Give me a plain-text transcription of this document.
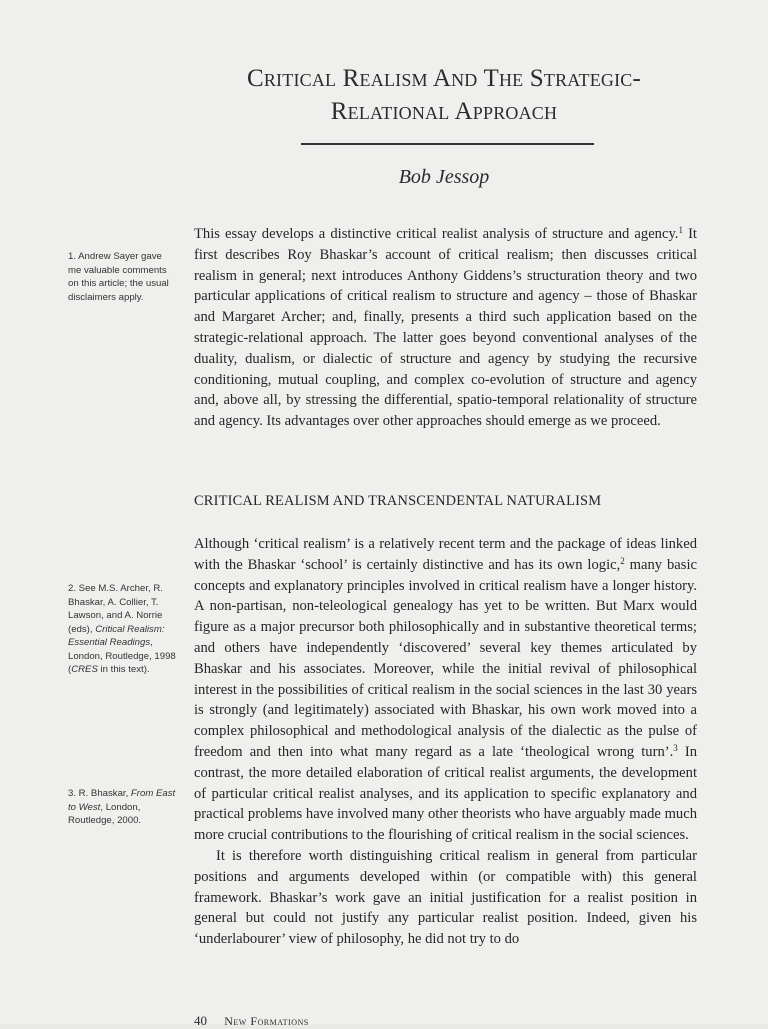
Critical Realism And The Strategic-
Relational Approach
Bob Jessop

This essay develops a distinctive critical realist analysis of structure and agency.$^1$ It first describes Roy Bhaskar’s account of critical realism; then discusses critical realism in general; next introduces Anthony Giddens’s structuration theory and two particular applications of critical realism to structure and agency – those of Bhaskar and Margaret Archer; and, finally, presents a third such application based on the strategic-relational approach. The latter goes beyond conventional analyses of the duality, dualism, or dialectic of structure and agency by studying the recursive conditioning, mutual coupling, and complex co-evolution of structure and agency and, above all, by stressing the differential, spatio-temporal relationality of structure and agency. Its advantages over other approaches should emerge as we proceed.

CRITICAL REALISM AND TRANSCENDENTAL NATURALISM

Although ‘critical realism’ is a relatively recent term and the package of ideas linked with the Bhaskar ‘school’ is certainly distinctive and has its own logic,$^2$ many basic concepts and explanatory principles involved in critical realism have a longer history. A non-partisan, non-teleological genealogy has yet to be written. But Marx would figure as a major precursor both philosophically and in substantive theoretical terms; and others have independently ‘discovered’ several key themes articulated by Bhaskar and his associates. Moreover, while the initial revival of philosophical interest in the possibilities of critical realism in the social sciences in the last 30 years is strongly (and legitimately) associated with Bhaskar, his own work moved into a complex philosophical and methodological analysis of the dialectic as the pulse of freedom and then into what many regard as a late ‘theological wrong turn’.$^3$ In contrast, the more detailed elaboration of critical realist arguments, the development of particular critical realist analyses, and its application to specific explanatory and practical problems have involved many other theorists who have arguably made much more crucial contributions to the flourishing of critical realism in the social sciences.

It is therefore worth distinguishing critical realism in general from particular positions and arguments developed within (or compatible with) this general framework. Bhaskar’s work gave an initial justification for a realist position in general but could not justify any particular realist position. Indeed, given his ‘underlabourer’ view of philosophy, he did not try to do

1. Andrew Sayer gave me valuable comments on this article; the usual disclaimers apply.
2. See M.S. Archer, R. Bhaskar, A. Collier, T. Lawson, and A. Norrie (eds), Critical Realism: Essential Readings, London, Routledge, 1998 (CRES in this text).
3. R. Bhaskar, From East to West, London, Routledge, 2000.
40 New Formations
